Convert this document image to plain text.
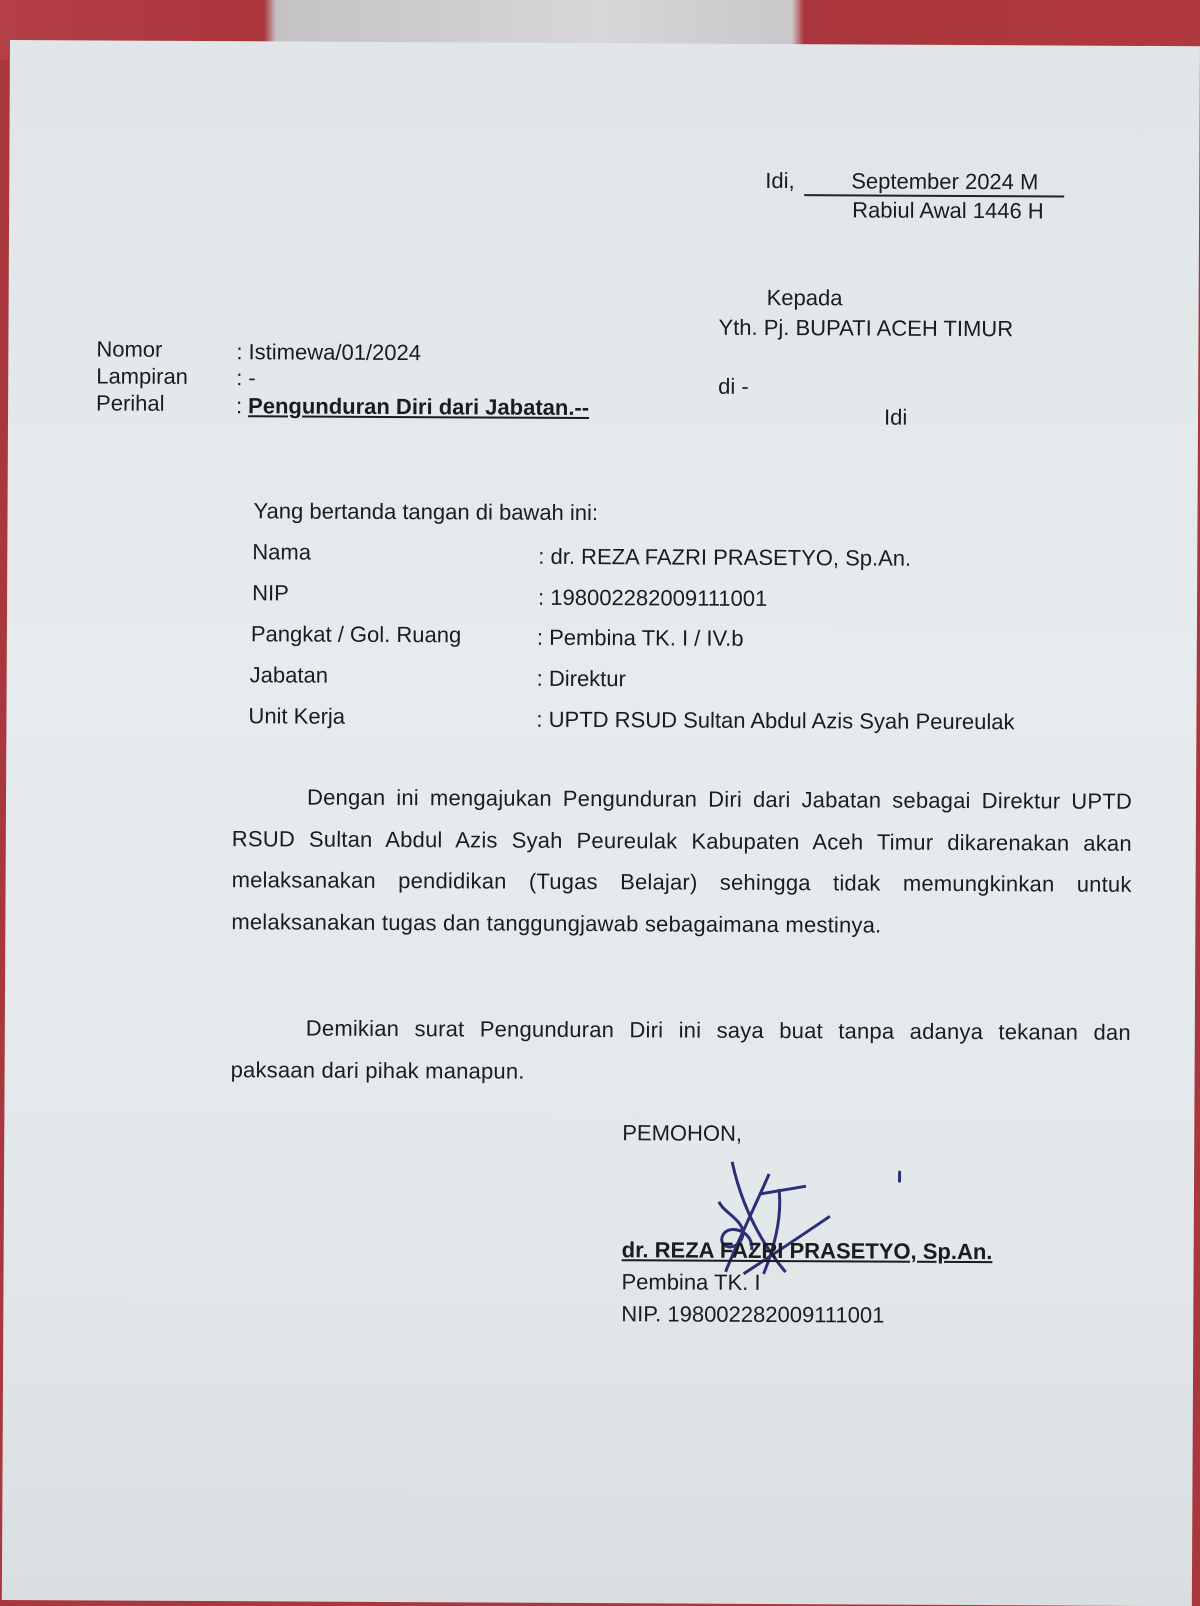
Idi,	September 2024 M
Rabiul Awal 1446 H
Kepada
Yth. Pj. BUPATI ACEH TIMUR
di -
Idi
Nomor	: Istimewa/01/2024
Lampiran : -
Perihal	: Pengunduran Diri dari Jabatan.--
Yang bertanda tangan di bawah ini:
Nama	: dr. REZA FAZRI PRASETYO, Sp.An.
NIP	: 198002282009111001
Pangkat / Gol. Ruang	: Pembina TK. I / IV.b
Jabatan	: Direktur
Unit Kerja	: UPTD RSUD Sultan Abdul Azis Syah Peureulak
Dengan ini mengajukan Pengunduran Diri dari Jabatan sebagai Direktur UPTD RSUD Sultan Abdul Azis Syah Peureulak Kabupaten Aceh Timur dikarenakan akan melaksanakan pendidikan (Tugas Belajar) sehingga tidak memungkinkan untuk melaksanakan tugas dan tanggungjawab sebagaimana mestinya.
Demikian surat Pengunduran Diri ini saya buat tanpa adanya tekanan dan paksaan dari pihak manapun.
PEMOHON,
dr. REZA FAZRI PRASETYO, Sp.An.
Pembina TK. I
NIP. 198002282009111001
